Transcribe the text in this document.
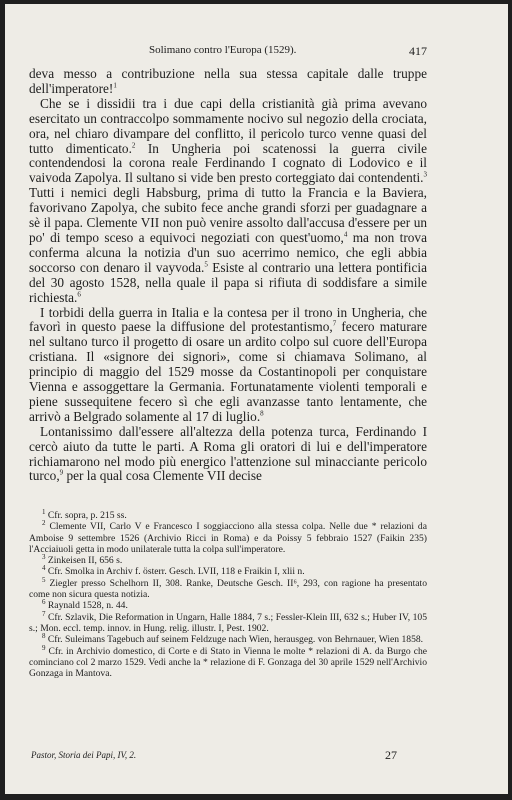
Solimano contro l'Europa (1529).	417

deva messo a contribuzione nella sua stessa capitale dalle truppe dell'imperatore!$^1$

Che se i dissidii tra i due capi della cristianità già prima avevano esercitato un contraccolpo sommamente nocivo sul negozio della crociata, ora, nel chiaro divampare del conflitto, il pericolo turco venne quasi del tutto dimenticato.$^2$ In Ungheria poi scatenossi la guerra civile contendendosi la corona reale Ferdinando I cognato di Lodovico e il vaivoda Zapolya. Il sultano si vide ben presto corteggiato dai contendenti.$^3$ Tutti i nemici degli Habsburg, prima di tutto la Francia e la Baviera, favorivano Zapolya, che subito fece anche grandi sforzi per guadagnare a sè il papa. Clemente VII non può venire assolto dall'accusa d'essere per un po' di tempo sceso a equivoci negoziati con quest'uomo,$^4$ ma non trova conferma alcuna la notizia d'un suo acerrimo nemico, che egli abbia soccorso con denaro il vayvoda.$^5$ Esiste al contrario una lettera pontificia del 30 agosto 1528, nella quale il papa si rifiuta di soddisfare a simile richiesta.$^6$

I torbidi della guerra in Italia e la contesa per il trono in Ungheria, che favorì in questo paese la diffusione del protestantismo,$^7$ fecero maturare nel sultano turco il progetto di osare un ardito colpo sul cuore dell'Europa cristiana. Il «signore dei signori», come si chiamava Solimano, al principio di maggio del 1529 mosse da Costantinopoli per conquistare Vienna e assoggettare la Germania. Fortunatamente violenti temporali e piene sussequitene fecero sì che egli avanzasse tanto lentamente, che arrivò a Belgrado solamente al 17 di luglio.$^8$

Lontanissimo dall'essere all'altezza della potenza turca, Ferdinando I cercò aiuto da tutte le parti. A Roma gli oratori di lui e dell'imperatore richiamarono nel modo più energico l'attenzione sul minacciante pericolo turco,$^9$ per la qual cosa Clemente VII decise

$^1$ Cfr. sopra, p. 215 ss.

$^2$ Clemente VII, Carlo V e Francesco I soggiacciono alla stessa colpa. Nelle due * relazioni da Amboise 9 settembre 1526 (Archivio Ricci in Roma) e da Poissy 5 febbraio 1527 (Faikin 235) l'Acciaiuoli getta in modo unilaterale tutta la colpa sull'imperatore.

$^3$ Zinkeisen II, 656 s.

$^4$ Cfr. Smolka in Archiv f. österr. Gesch. LVII, 118 e Fraikin I, xlii n.

$^5$ Ziegler presso Schelhorn II, 308. Ranke, Deutsche Gesch. II⁶, 293, con ragione ha presentato come non sicura questa notizia.

$^6$ Raynald 1528, n. 44.

$^7$ Cfr. Szlavik, Die Reformation in Ungarn, Halle 1884, 7 s.; Fessler-Klein III, 632 s.; Huber IV, 105 s.; Mon. eccl. temp. innov. in Hung. relig. illustr. I, Pest. 1902.

$^8$ Cfr. Suleimans Tagebuch auf seinem Feldzuge nach Wien, herausgeg. von Behrnauer, Wien 1858.

$^9$ Cfr. in Archivio domestico, di Corte e di Stato in Vienna le molte * relazioni di A. da Burgo che cominciano col 2 marzo 1529. Vedi anche la * relazione di F. Gonzaga del 30 aprile 1529 nell'Archivio Gonzaga in Mantova.

Pastor, Storia dei Papi, IV, 2.	27
